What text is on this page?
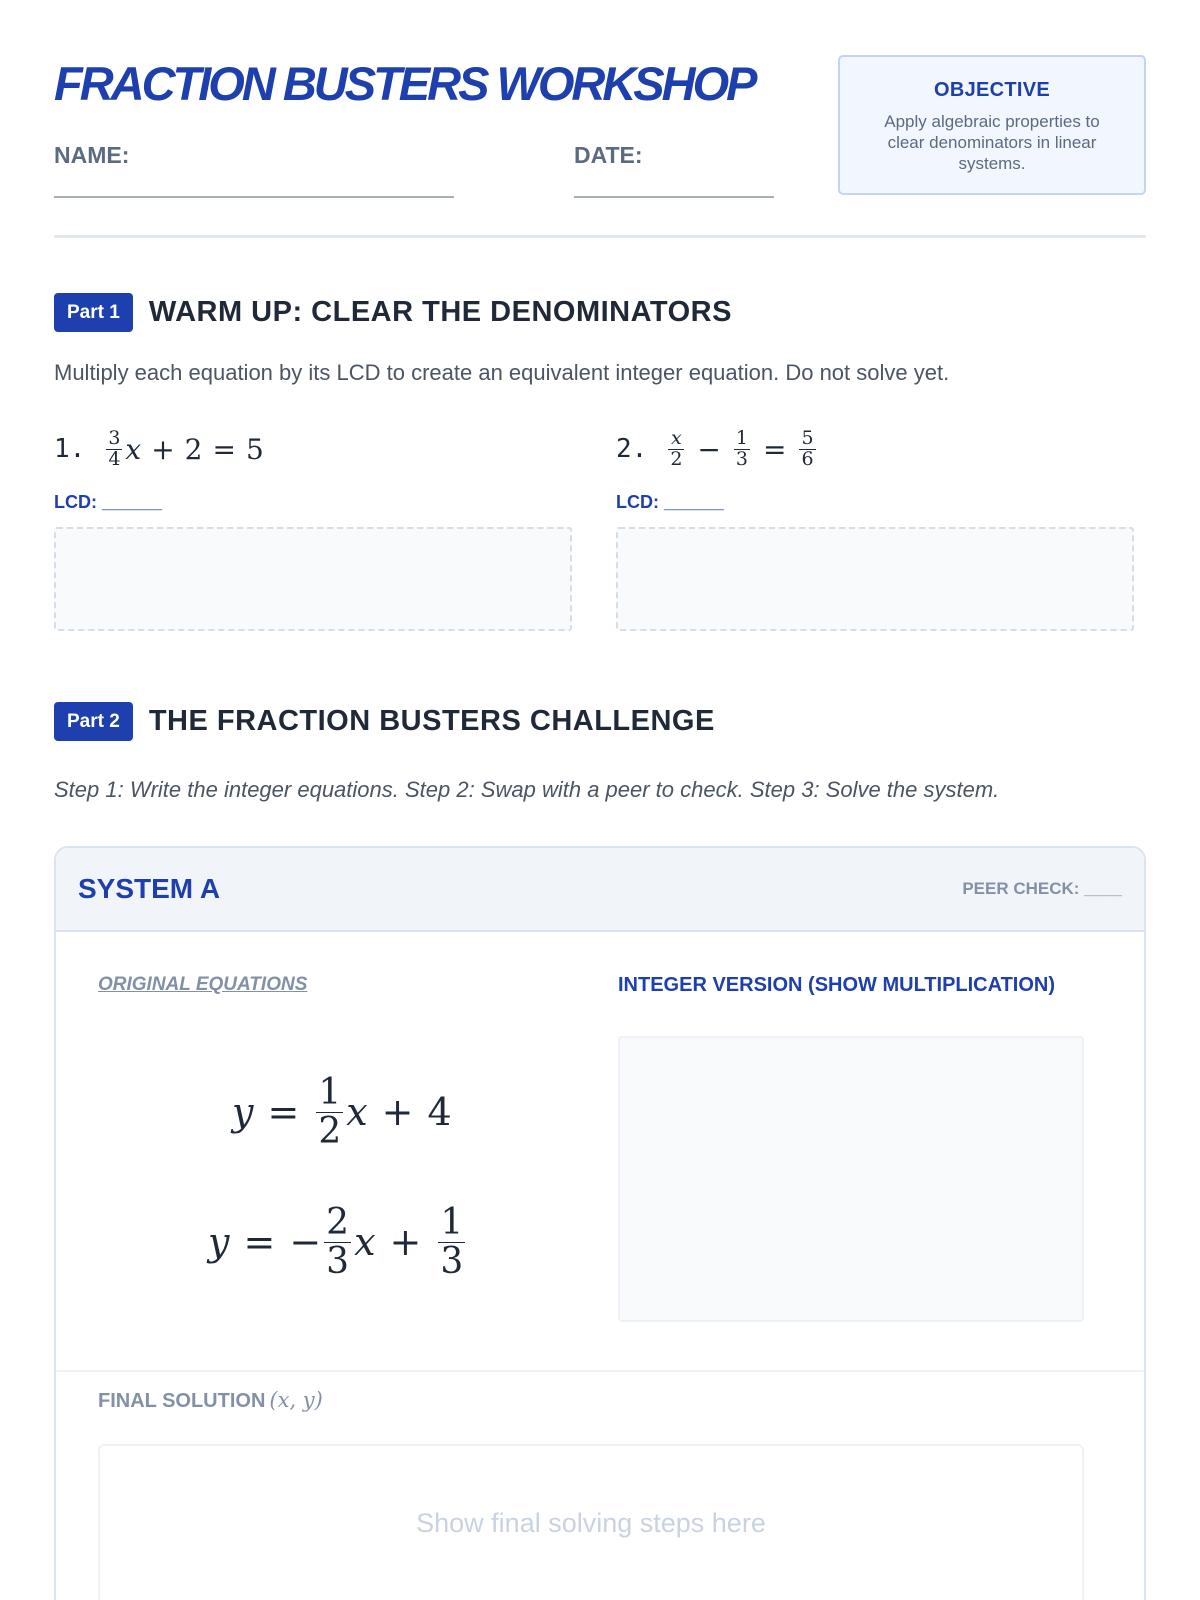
FRACTION BUSTERS WORKSHOP
NAME:	DATE:
OBJECTIVE
Apply algebraic properties to clear denominators in linear systems.
Part 1	WARM UP: CLEAR THE DENOMINATORS
Multiply each equation by its LCD to create an equivalent integer equation. Do not solve yet.
1. $\frac{3}{4}$ x + 2 = 5
LCD: ______
2. $\frac{x}{2} - \frac{1}{3} = \frac{5}{6}$
LCD: ______
Part 2	THE FRACTION BUSTERS CHALLENGE
Step 1: Write the integer equations. Step 2: Swap with a peer to check. Step 3: Solve the system.
SYSTEM A	PEER CHECK: ____
ORIGINAL EQUATIONS	INTEGER VERSION (SHOW MULTIPLICATION)
$y = \frac{1}{2}$ x + 4
y = − $\frac{2}{3}$ $x + \frac{1}{3}$
FINAL SOLUTION (x, y)
Show final solving steps here
